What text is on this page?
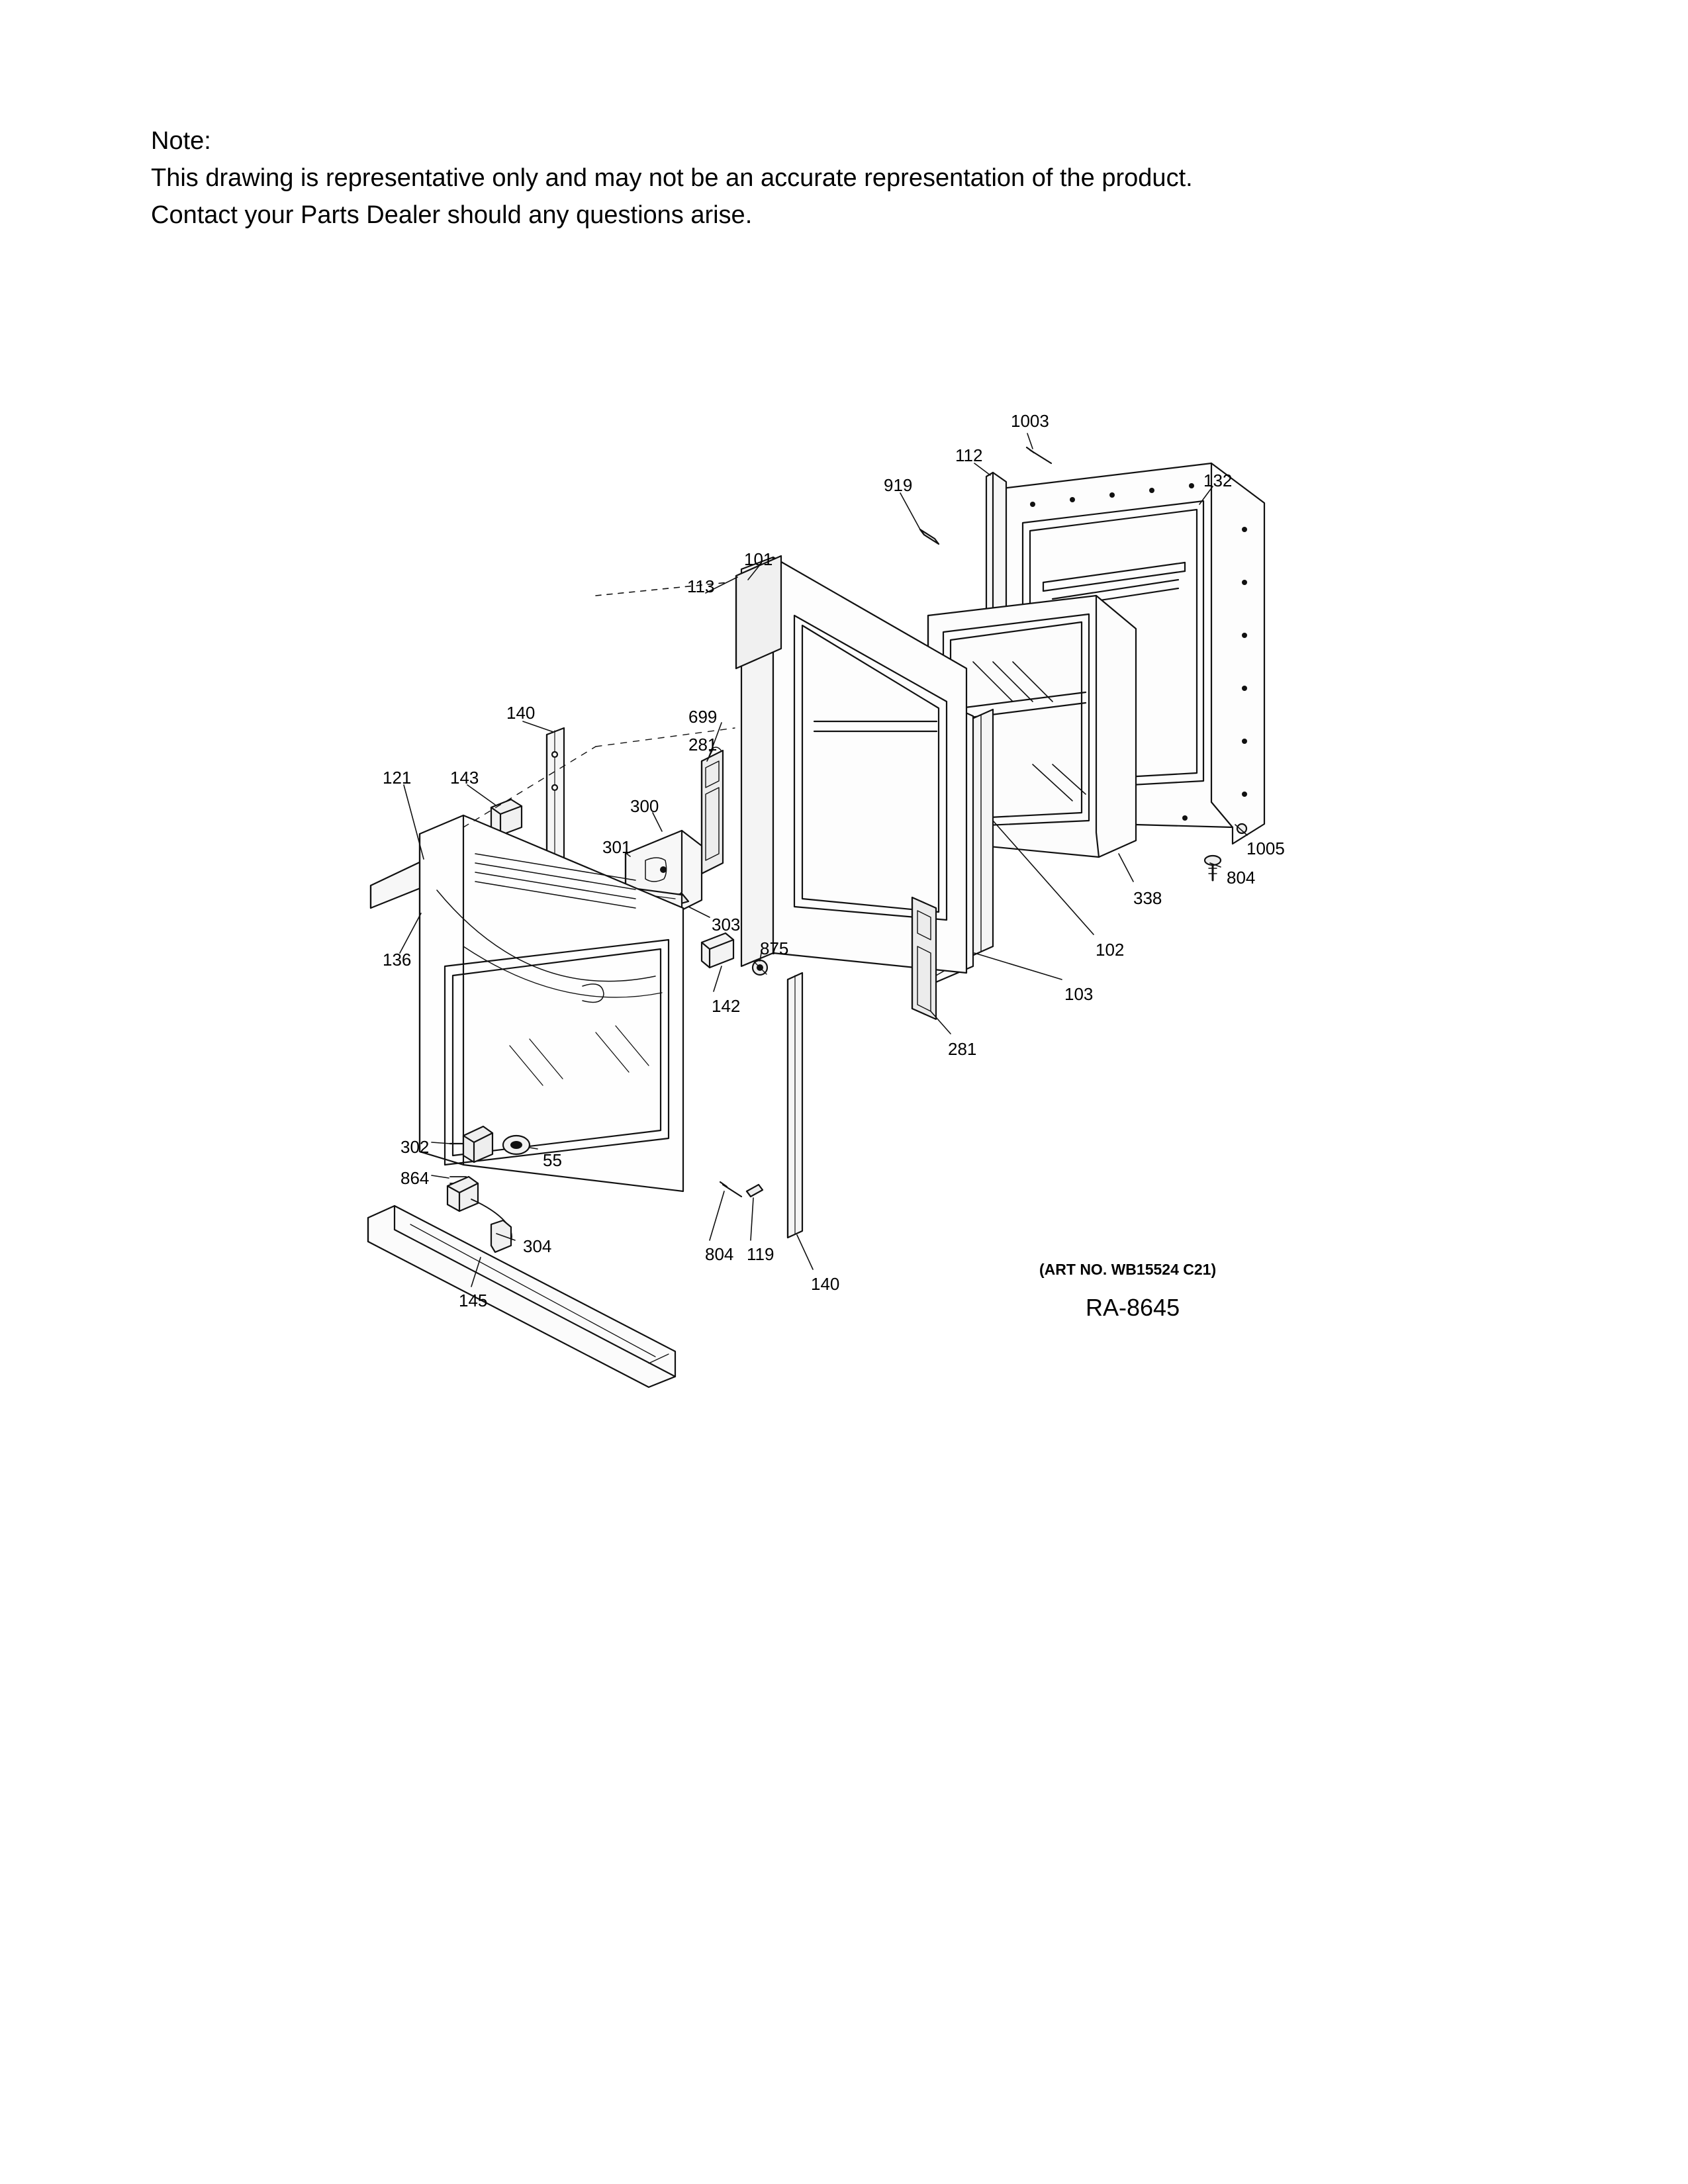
Note:
This drawing is representative only and may not be an accurate representation of the product.
Contact your Parts Dealer should any questions arise.
1003
112
132
919
101
113
140	699
281
121 143
300
1005
301
804
338
303
875
136	102
142
103
281
302
864
55
804 119
304
140
145
(ART NO. WB15524 C21)
RA-8645
